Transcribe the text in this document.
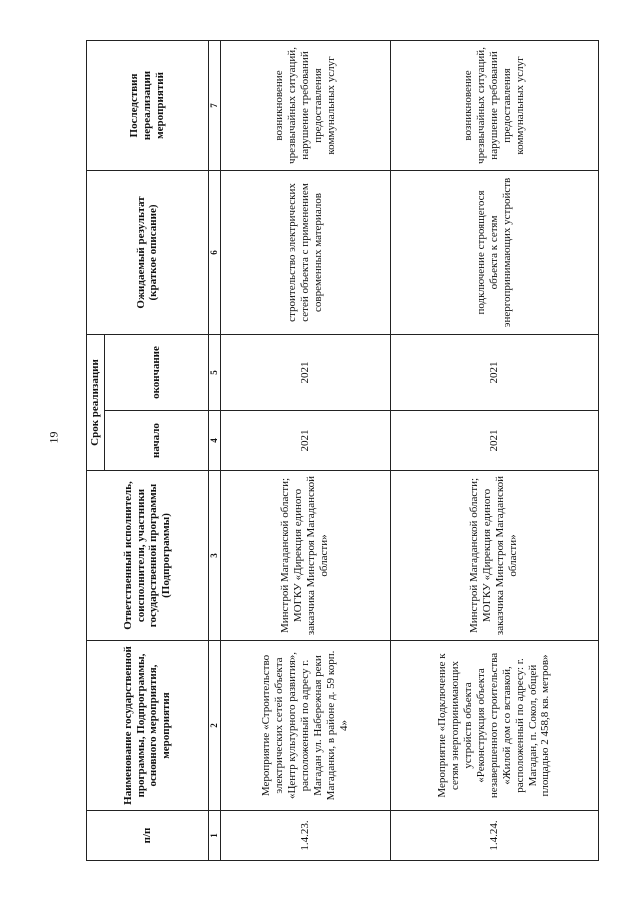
19
п/п	Наименование государственной программы, Подпрограммы, основного мероприятия, мероприятия	Ответственный исполнитель, соисполнители, участники государственной программы (Подпрограммы)	Срок реализации		Ожидаемый результат (краткое описание)	Последствия нереализации мероприятий
			начало	окончание		
1	2	3	4	5	6	7
1.4.23.	Мероприятие «Строительство электрических сетей объекта «Центр культурного развития», расположенный по адресу г. Магадан ул. Набережная реки Магаданки, в районе д. 59 корп. 4»	Минстрой Магаданской области; МОГКУ «Дирекция единого заказчика Минстроя Магаданской области»	2021	2021	строительство электрических сетей объекта с применением современных материалов	возникновение чрезвычайных ситуаций, нарушение требований предоставления коммунальных услуг
1.4.24.	Мероприятие «Подключение к сетям энергопринимающих устройств объекта «Реконструкция объекта незавершенного строительства «Жилой дом со вставкой, расположенный по адресу: г. Магадан, п. Сокол, общей площадью 2 458,8 кв. метров»	Минстрой Магаданской области; МОГКУ «Дирекция единого заказчика Минстроя Магаданской области»	2021	2021	подключение строящегося объекта к сетям энергопринимающих устройств	возникновение чрезвычайных ситуаций, нарушение требований предоставления коммунальных услуг
